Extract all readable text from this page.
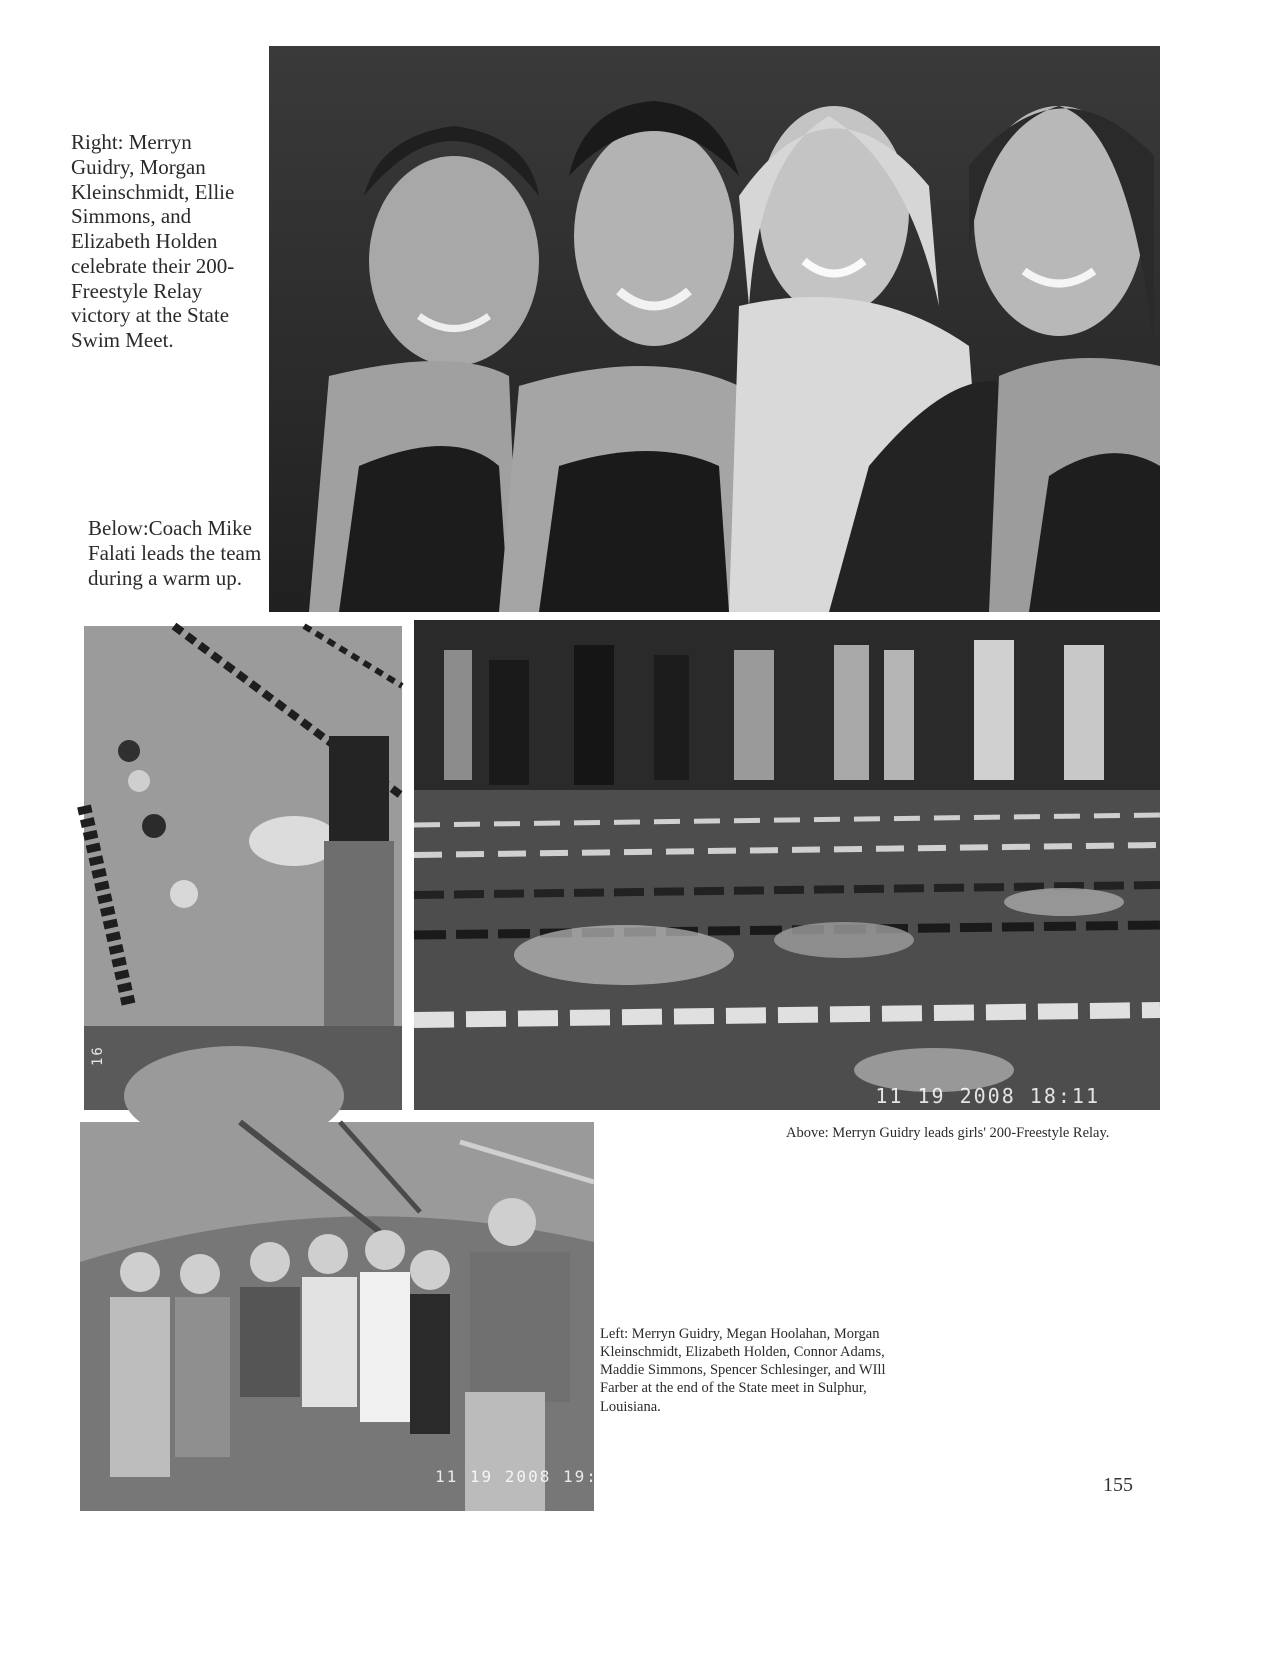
16
11 19 2008 18:11
11 19 2008 19:34
Right: Merryn Guidry, Morgan Kleinschmidt, Ellie Simmons, and Elizabeth Holden celebrate their 200-Freestyle Relay victory at the State Swim Meet.
Below:Coach Mike Falati leads the team during a warm up.
Above: Merryn Guidry leads girls' 200-Freestyle Relay.
Left: Merryn Guidry, Megan Hoolahan, Morgan Kleinschmidt, Elizabeth Holden, Connor Adams, Maddie Simmons, Spencer Schlesinger, and WIll Farber at the end of the State meet in Sulphur, Louisiana.
155
